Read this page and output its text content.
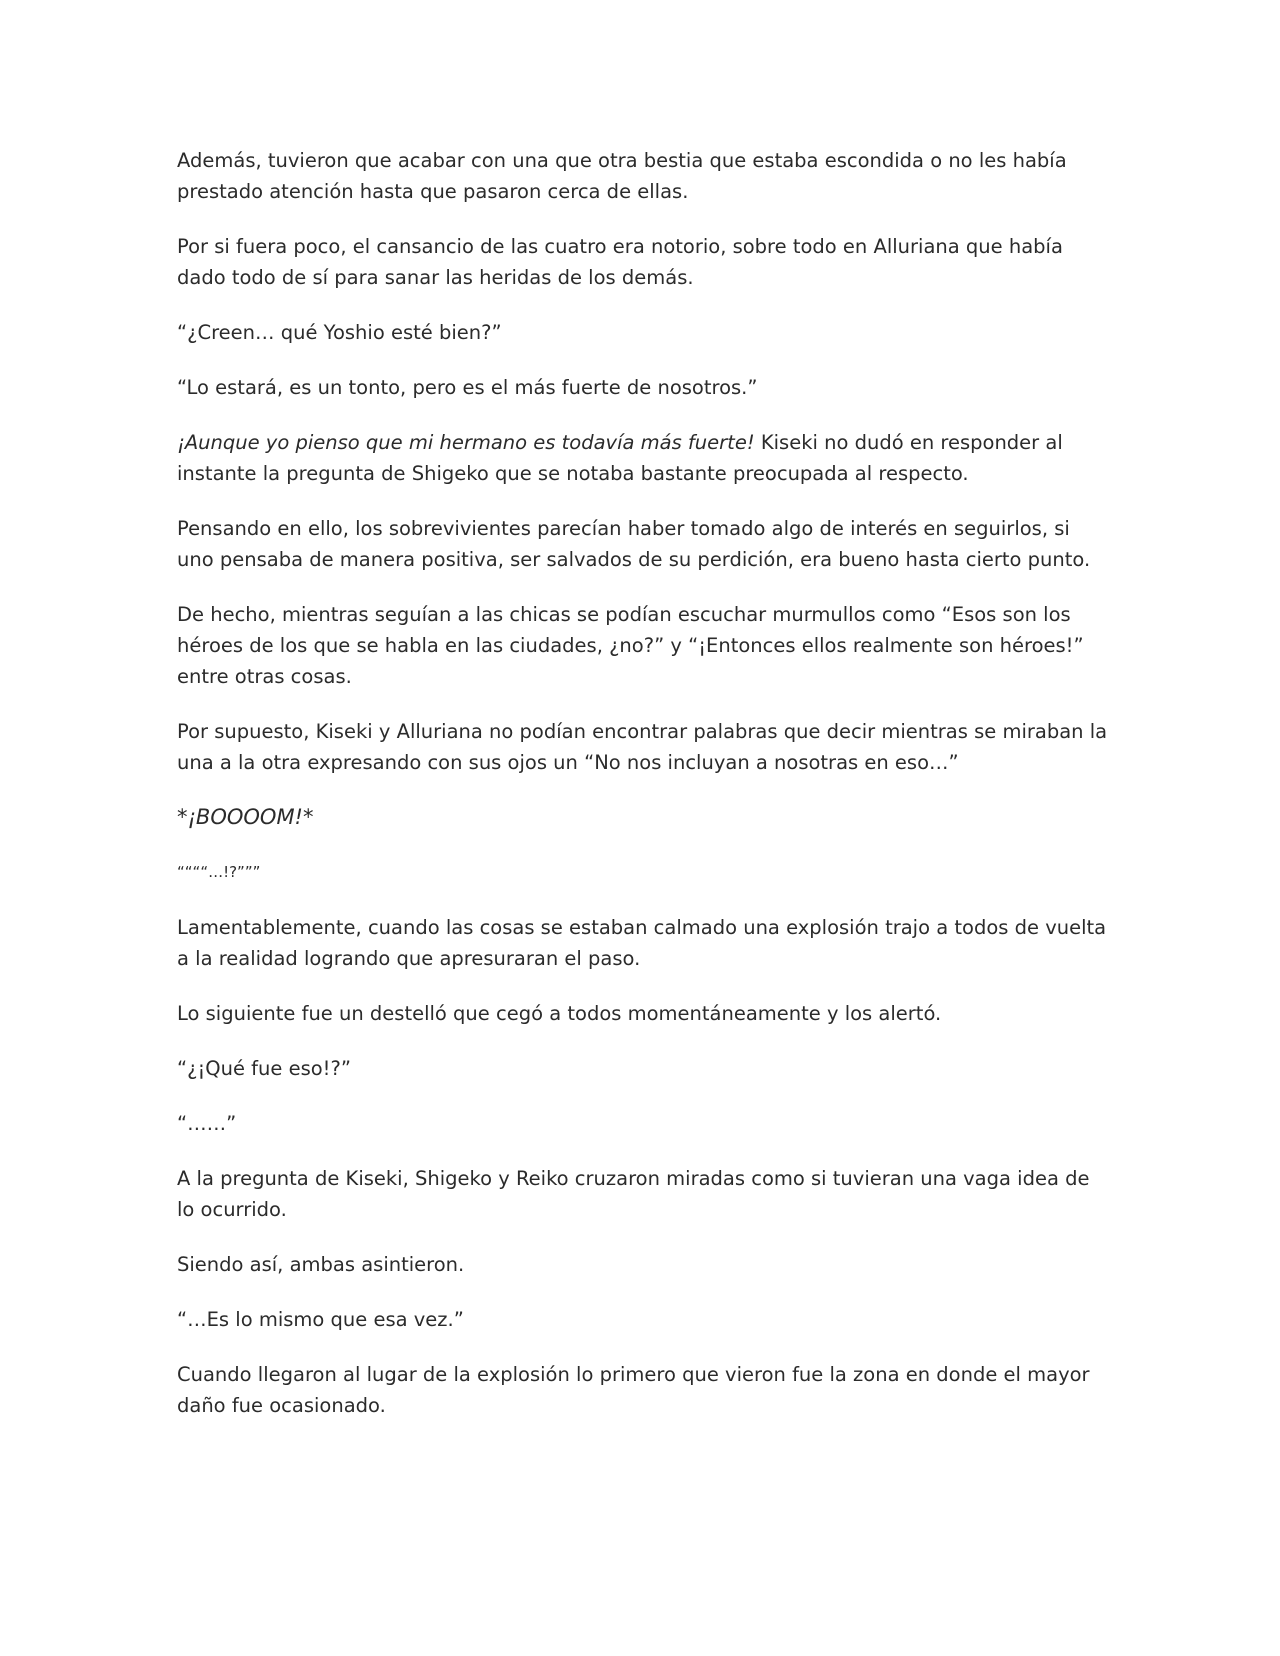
Además, tuvieron que acabar con una que otra bestia que estaba escondida o no les había prestado atención hasta que pasaron cerca de ellas.

Por si fuera poco, el cansancio de las cuatro era notorio, sobre todo en Alluriana que había dado todo de sí para sanar las heridas de los demás.

“¿Creen… qué Yoshio esté bien?”

“Lo estará, es un tonto, pero es el más fuerte de nosotros.”

¡Aunque yo pienso que mi hermano es todavía más fuerte! Kiseki no dudó en responder al instante la pregunta de Shigeko que se notaba bastante preocupada al respecto.

Pensando en ello, los sobrevivientes parecían haber tomado algo de interés en seguirlos, si uno pensaba de manera positiva, ser salvados de su perdición, era bueno hasta cierto punto.

De hecho, mientras seguían a las chicas se podían escuchar murmullos como “Esos son los héroes de los que se habla en las ciudades, ¿no?” y “¡Entonces ellos realmente son héroes!” entre otras cosas.

Por supuesto, Kiseki y Alluriana no podían encontrar palabras que decir mientras se miraban la una a la otra expresando con sus ojos un “No nos incluyan a nosotras en eso…”

*¡BOOOOM!*

““““…!?”””

Lamentablemente, cuando las cosas se estaban calmado una explosión trajo a todos de vuelta a la realidad logrando que apresuraran el paso.

Lo siguiente fue un destelló que cegó a todos momentáneamente y los alertó.

“¿¡Qué fue eso!?”

“……”

A la pregunta de Kiseki, Shigeko y Reiko cruzaron miradas como si tuvieran una vaga idea de lo ocurrido.

Siendo así, ambas asintieron.

“…Es lo mismo que esa vez.”

Cuando llegaron al lugar de la explosión lo primero que vieron fue la zona en donde el mayor daño fue ocasionado.
